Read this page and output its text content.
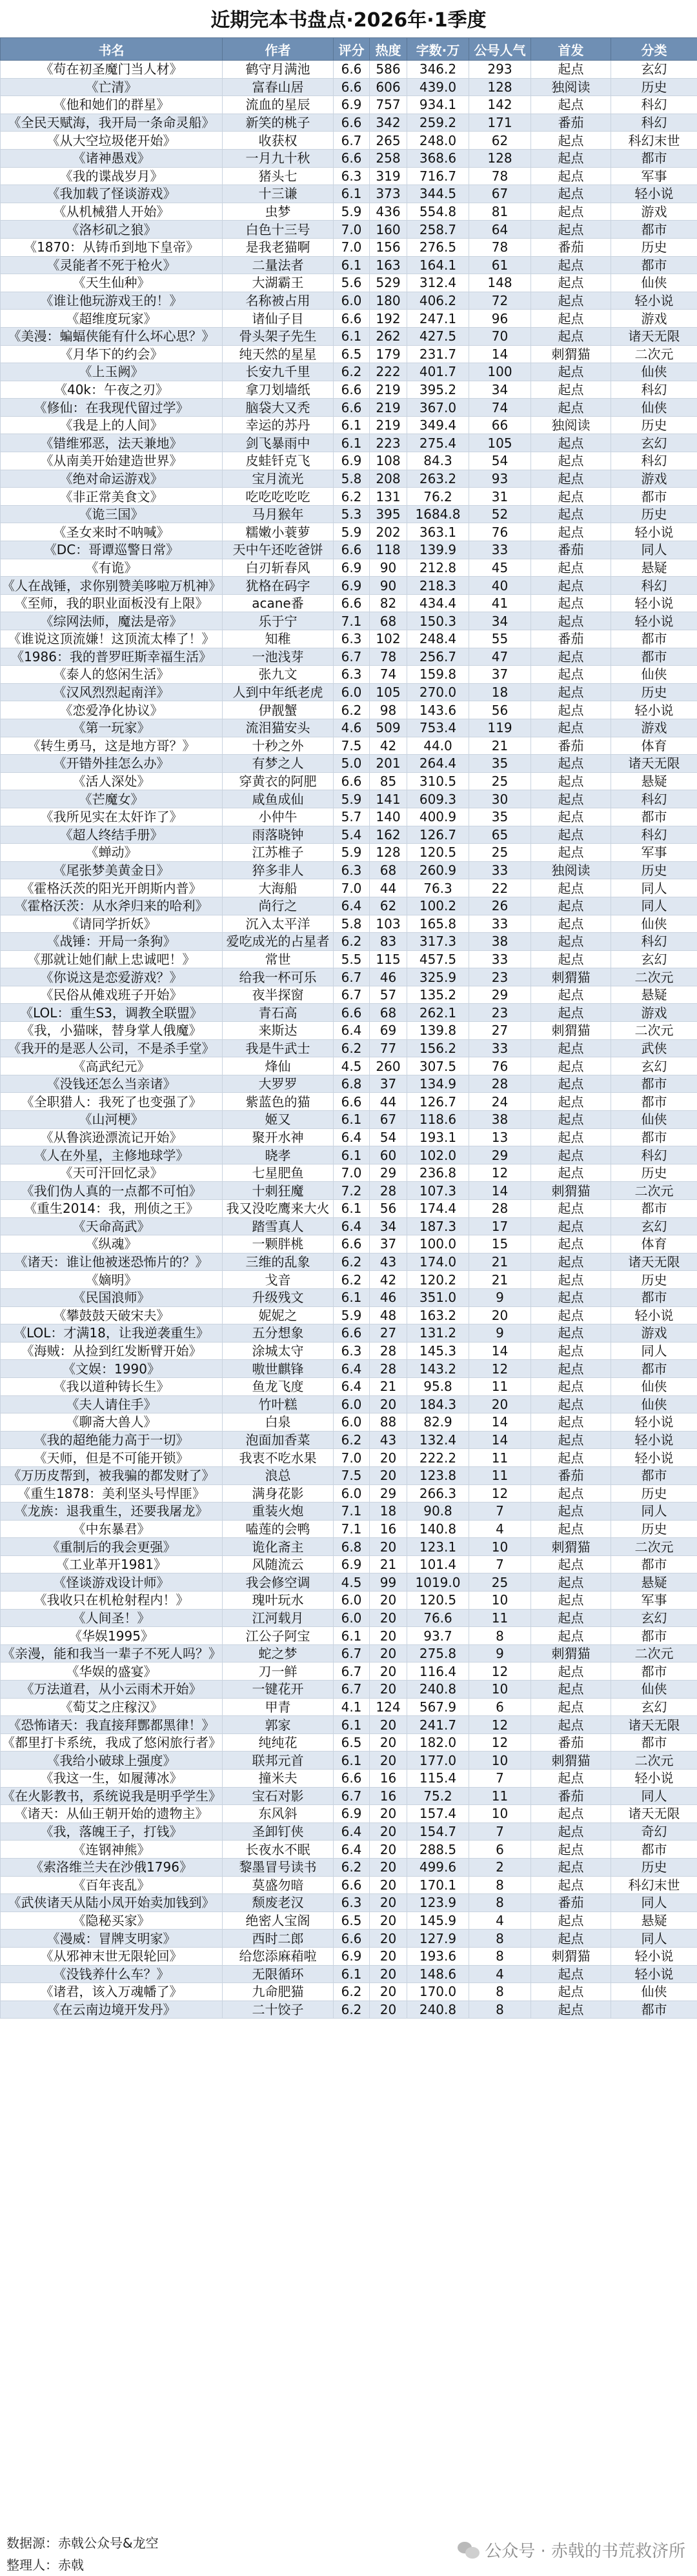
近期完本书盘点·2026年·1季度
书名	作者	评分	热度	字数·万	公号人气	首发	分类
《苟在初圣魔门当人材》	鹤守月满池	6.6	586	346.2	293	起点	玄幻
《亡清》	富春山居	6.6	606	439.0	128	独阅读	历史
《他和她们的群星》	流血的星辰	6.9	757	934.1	142	起点	科幻
《全民天赋海，我开局一条命灵船》	新笑的桃子	6.6	342	259.2	171	番茄	科幻
《从大空垃圾佬开始》	收获权	6.7	265	248.0	62	起点	科幻末世
《诸神愚戏》	一月九十秋	6.6	258	368.6	128	起点	都市
《我的谍战岁月》	猪头七	6.3	319	716.7	78	起点	军事
《我加载了怪谈游戏》	十三谦	6.1	373	344.5	67	起点	轻小说
《从机械猎人开始》	虫梦	5.9	436	554.8	81	起点	游戏
《洛杉矶之狼》	白色十三号	7.0	160	258.7	64	起点	都市
《1870：从铸币到地下皇帝》	是我老猫啊	7.0	156	276.5	78	番茄	历史
《灵能者不死于枪火》	二量法者	6.1	163	164.1	61	起点	都市
《天生仙种》	大湖霸王	5.6	529	312.4	148	起点	仙侠
《谁让他玩游戏王的！》	名称被占用	6.0	180	406.2	72	起点	轻小说
《超维度玩家》	诸仙子目	6.6	192	247.1	96	起点	游戏
《美漫：蝙蝠侠能有什么坏心思？》	骨头架子先生	6.1	262	427.5	70	起点	诸天无限
《月华下的约会》	纯天然的星星	6.5	179	231.7	14	刺猬猫	二次元
《上玉阙》	长安九千里	6.2	222	401.7	100	起点	仙侠
《40k：午夜之刃》	拿刀划墙纸	6.6	219	395.2	34	起点	科幻
《修仙：在我现代留过学》	脑袋大又秃	6.6	219	367.0	74	起点	仙侠
《我是上的人间》	幸运的苏丹	6.1	219	349.4	66	独阅读	历史
《错维邪恶，法天兼地》	剑飞暴雨中	6.1	223	275.4	105	起点	玄幻
《从南美开始建造世界》	皮蛙钎克飞	6.9	108	84.3	54	起点	科幻
《绝对命运游戏》	宝月流光	5.8	208	263.2	93	起点	游戏
《非正常美食文》	吃吃吃吃吃	6.2	131	76.2	31	起点	都市
《诡三国》	马月猴年	5.3	395	1684.8	52	起点	历史
《圣女来时不呐喊》	糯嫩小蓑萝	5.9	202	363.1	76	起点	轻小说
《DC：哥谭巡警日常》	天中午还吃爸饼	6.6	118	139.9	33	番茄	同人
《有诡》	白刃斩春风	6.9	90	212.8	45	起点	悬疑
《人在战锤，求你别赞美哆啦万机神》	犹格在码字	6.9	90	218.3	40	起点	科幻
《至师，我的职业面板没有上限》	acane番	6.6	82	434.4	41	起点	轻小说
《综网法师，魔法是帝》	乐于宁	7.1	68	150.3	34	起点	轻小说
《谁说这顶流嫌！这顶流太棒了！》	知稚	6.3	102	248.4	55	番茄	都市
《1986：我的普罗旺斯幸福生活》	一池浅芽	6.7	78	256.7	47	起点	都市
《泰人的悠闲生活》	张九文	6.3	74	159.8	37	起点	仙侠
《汉风烈烈起南洋》	人到中年纸老虎	6.0	105	270.0	18	起点	历史
《恋爱净化协议》	伊靓蟹	6.2	98	143.6	56	起点	轻小说
《第一玩家》	流泪猫安头	4.6	509	753.4	119	起点	游戏
《转生勇马，这是地方哥？》	十秒之外	7.5	42	44.0	21	番茄	体育
《开错外挂怎么办》	有梦之人	5.0	201	264.4	35	起点	诸天无限
《活人深处》	穿黄衣的阿肥	6.6	85	310.5	25	起点	悬疑
《芒魔女》	咸鱼成仙	5.9	141	609.3	30	起点	科幻
《我所见实在太奸诈了》	小仲牛	5.7	140	400.9	35	起点	都市
《超人终结手册》	雨落晓钟	5.4	162	126.7	65	起点	科幻
《蝉动》	江苏椎子	5.9	128	120.5	25	起点	军事
《尾张梦美黄金日》	猝多非人	6.3	68	260.9	33	独阅读	历史
《霍格沃茨的阳光开朗斯内普》	大海船	7.0	44	76.3	22	起点	同人
《霍格沃茨：从水斧归来的哈利》	尚行之	6.4	62	100.2	26	起点	同人
《请同学折妖》	沉入太平洋	5.8	103	165.8	33	起点	仙侠
《战锤：开局一条狗》	爱吃成光的占星者	6.2	83	317.3	38	起点	科幻
《那就让她们献上忠诚吧！》	常世	5.5	115	457.5	33	起点	玄幻
《你说这是恋爱游戏？》	给我一杯可乐	6.7	46	325.9	23	刺猬猫	二次元
《民俗从傩戏班子开始》	夜半探窗	6.7	57	135.2	29	起点	悬疑
《LOL：重生S3，调教全联盟》	青石高	6.6	68	262.1	23	起点	游戏
《我，小猫咪，替身掌人俄魔》	来斯达	6.4	69	139.8	27	刺猬猫	二次元
《我开的是恶人公司，不是杀手堂》	我是牛武士	6.2	77	156.2	33	起点	武侠
《高武纪元》	烽仙	4.5	260	307.5	76	起点	玄幻
《没钱还怎么当亲诸》	大罗罗	6.8	37	134.9	28	起点	都市
《全职猎人：我死了也变强了》	紫蓝色的猫	6.6	44	126.7	24	起点	都市
《山河梗》	姬又	6.1	67	118.6	38	起点	仙侠
《从鲁滨逊漂流记开始》	聚开水神	6.4	54	193.1	13	起点	都市
《人在外星，主修地球学》	晓孝	6.1	60	102.0	29	起点	科幻
《天可汗回忆录》	七星肥鱼	7.0	29	236.8	12	起点	历史
《我们伪人真的一点都不可怕》	十刺狂魔	7.2	28	107.3	14	刺猬猫	二次元
《重生2014：我，刑侦之王》	我又没吃鹰来大火	6.1	56	174.4	28	起点	都市
《天命高武》	踏雪真人	6.4	34	187.3	17	起点	玄幻
《纵魂》	一颗胖桃	6.6	37	100.0	15	起点	体育
《诸天：谁让他被迷恐怖片的？》	三维的乱象	6.2	43	174.0	21	起点	诸天无限
《嫡明》	戈音	6.2	42	120.2	21	起点	历史
《民国浪师》	升级残文	6.1	46	351.0	9	起点	都市
《攀鼓鼓天破宋夫》	妮妮之	5.9	48	163.2	20	起点	轻小说
《LOL：才满18，让我逆袭重生》	五分想象	6.6	27	131.2	9	起点	游戏
《海贼：从捡到红发断臂开始》	涂城太守	6.3	28	145.3	14	起点	同人
《文娱：1990》	嗷世麒锋	6.4	28	143.2	12	起点	都市
《我以道种铸长生》	鱼龙飞度	6.4	21	95.8	11	起点	仙侠
《夫人请住手》	竹叶糕	6.0	20	184.3	20	起点	仙侠
《聊斋大兽人》	白泉	6.0	88	82.9	14	起点	轻小说
《我的超绝能力高于一切》	泡面加香菜	6.2	43	132.4	14	起点	轻小说
《天师，但是不可能开锁》	我衷不吃水果	7.0	20	222.2	11	起点	轻小说
《万历皮帮到，被我骗的都发财了》	浪总	7.5	20	123.8	11	番茄	都市
《重生1878：美利坚头号悍匪》	满身花影	6.0	29	266.3	12	起点	历史
《龙族：退我重生，还要我屠龙》	重装火炮	7.1	18	90.8	7	起点	同人
《中东暴君》	嗑莲的会鸭	7.1	16	140.8	4	起点	历史
《重制后的我会更强》	诡化斋主	6.8	20	123.1	10	刺猬猫	二次元
《工业革开1981》	风随流云	6.9	21	101.4	7	起点	都市
《怪谈游戏设计师》	我会修空调	4.5	99	1019.0	25	起点	悬疑
《我收只在机枪射程内！》	瑰叶玩水	6.0	20	120.5	10	起点	军事
《人间圣！》	江河载月	6.0	20	76.6	11	起点	玄幻
《华娱1995》	江公子阿宝	6.1	20	93.7	8	起点	都市
《亲漫，能和我当一辈子不死人吗？》	蛇之梦	6.7	20	275.8	9	刺猬猫	二次元
《华娱的盛宴》	刀一鲜	6.7	20	116.4	12	起点	都市
《万法道君，从小云雨术开始》	一键花开	6.7	20	240.8	10	起点	仙侠
《萄艾之庄稼汉》	甲青	4.1	124	567.9	6	起点	玄幻
《恐怖诸天：我直接拜酆都黑律！》	郭家	6.1	20	241.7	12	起点	诸天无限
《都里打卡系统，我成了悠闲旅行者》	纯纯花	6.5	20	182.0	12	番茄	都市
《我给小破球上强度》	联邦元首	6.1	20	177.0	10	刺猬猫	二次元
《我这一生，如履薄冰》	撞米夫	6.6	16	115.4	7	起点	轻小说
《在火影教书，系统说我是明乎学生》	宝石对影	6.7	16	75.2	11	番茄	同人
《诸天：从仙王朝开始的遗物主》	东风斜	6.9	20	157.4	10	起点	诸天无限
《我，落魄王子，打钱》	圣卸钉侠	6.4	20	154.7	7	起点	奇幻
《连钢神熊》	长夜水不眠	6.4	20	288.5	6	起点	都市
《索洛维兰夫在沙俄1796》	黎墨冒号读书	6.2	20	499.6	2	起点	历史
《百年丧乱》	莫盛勿暗	6.6	20	170.1	8	起点	科幻末世
《武侠诸天从陆小凤开始卖加钱到》	颓废老汉	6.3	20	123.9	8	番茄	同人
《隐秘买家》	绝密人宝阁	6.5	20	145.9	4	起点	悬疑
《漫威：冒牌支明家》	西时二郎	6.6	20	127.9	8	起点	同人
《从邪神末世无限轮回》	给您添麻葙啦	6.9	20	193.6	8	刺猬猫	轻小说
《没钱养什么车？》	无限循环	6.1	20	148.6	4	起点	轻小说
《诸君，该入万魂幡了》	九命肥猫	6.2	20	170.0	8	起点	仙侠
《在云南边境开发丹》	二十饺子	6.2	20	240.8	8	起点	都市
数据源：赤戟公众号&龙空
整理人：赤戟
公众号 · 赤戟的书荒救济所
